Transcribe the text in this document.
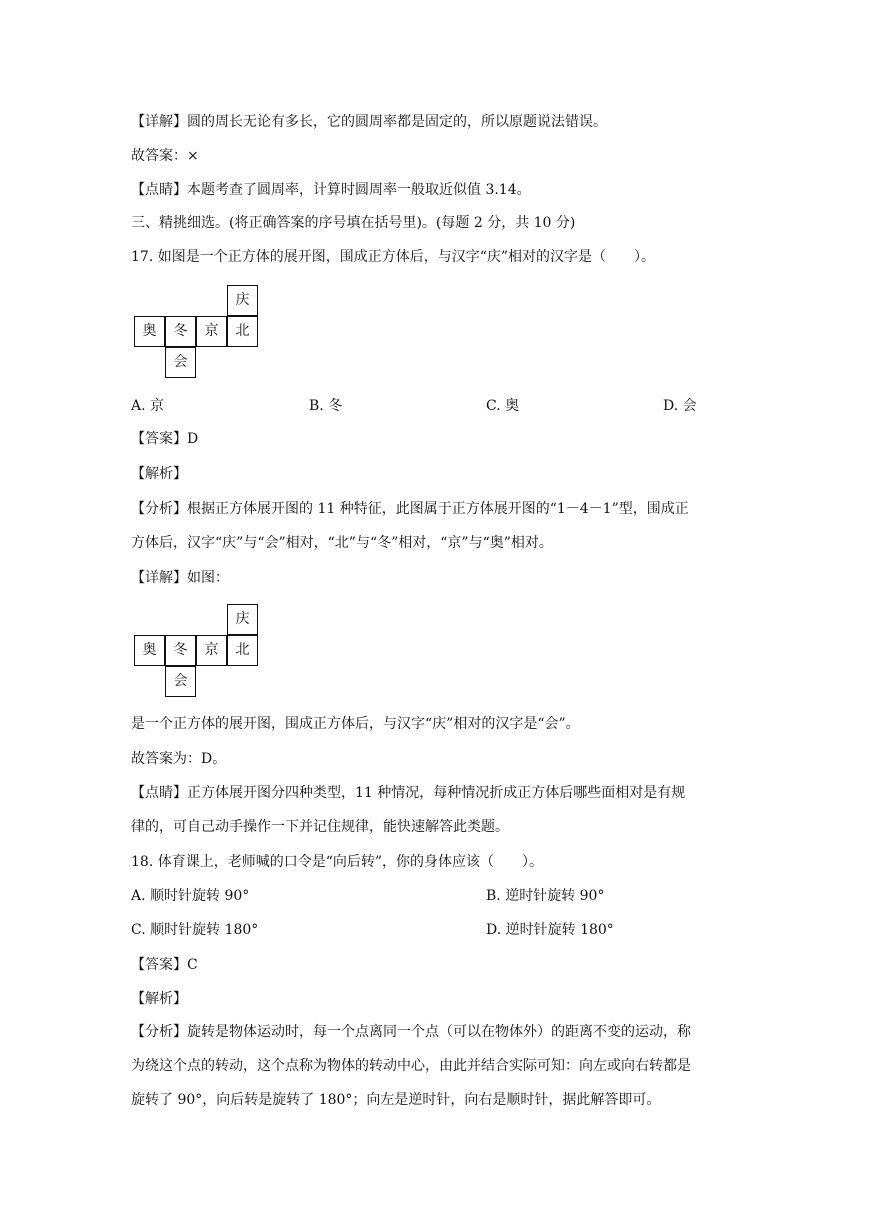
【详解】圆的周长无论有多长，它的圆周率都是固定的，所以原题说法错误。
故答案：×
【点睛】本题考查了圆周率，计算时圆周率一般取近似值 3.14。
三、精挑细选。(将正确答案的序号填在括号里)。(每题 2 分，共 10 分)
17. 如图是一个正方体的展开图，围成正方体后，与汉字“庆”相对的汉字是（　　）。
庆
奥	冬	京	北
会
A. 京	B. 冬	C. 奥	D. 会
【答案】D
【解析】
【分析】根据正方体展开图的 11 种特征，此图属于正方体展开图的“1－4－1”型，围成正
方体后，汉字“庆”与“会”相对，“北”与“冬”相对，“京”与“奥”相对。
【详解】如图：
庆
奥	冬	京	北
会
是一个正方体的展开图，围成正方体后，与汉字“庆”相对的汉字是“会”。
故答案为：D。
【点睛】正方体展开图分四种类型，11 种情况，每种情况折成正方体后哪些面相对是有规
律的，可自己动手操作一下并记住规律，能快速解答此类题。
18. 体育课上，老师喊的口令是“向后转”，你的身体应该（　　）。
A. 顺时针旋转 90°	B. 逆时针旋转 90°
C. 顺时针旋转 180°	D. 逆时针旋转 180°
【答案】C
【解析】
【分析】旋转是物体运动时，每一个点离同一个点（可以在物体外）的距离不变的运动，称
为绕这个点的转动，这个点称为物体的转动中心，由此并结合实际可知：向左或向右转都是
旋转了 90°，向后转是旋转了 180°；向左是逆时针，向右是顺时针，据此解答即可。
